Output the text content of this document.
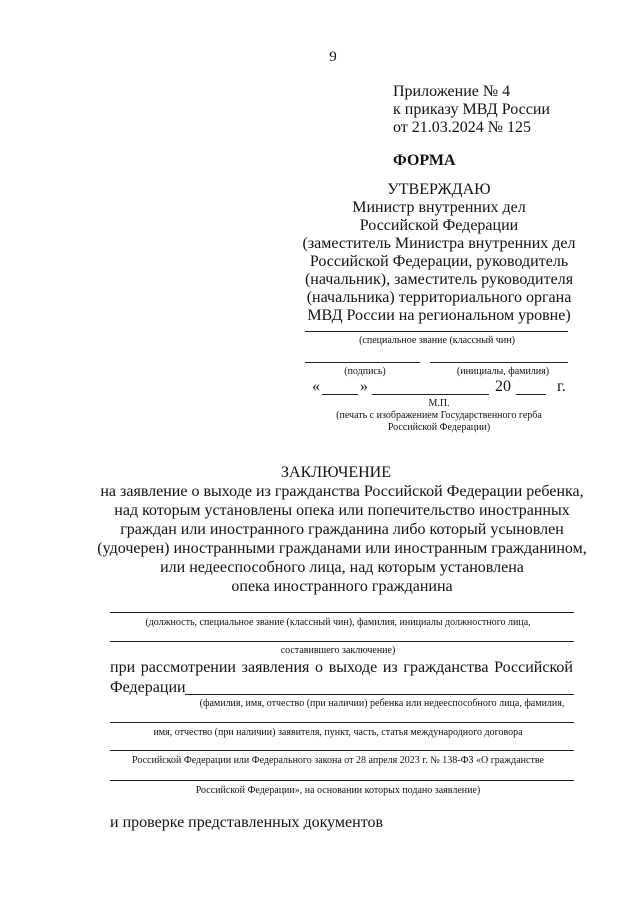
9
Приложение № 4
к приказу МВД России
от 21.03.2024 № 125
ФОРМА
УТВЕРЖДАЮ
Министр внутренних дел
Российской Федерации
(заместитель Министра внутренних дел
Российской Федерации, руководитель
(начальник), заместитель руководителя
(начальника) территориального органа
МВД России на региональном уровне)
(специальное звание (классный чин)
(подпись)	(инициалы, фамилия)
«	»	20	г.
М.П.
(печать с изображением Государственного герба
Российской Федерации)
ЗАКЛЮЧЕНИЕ
на заявление о выходе из гражданства Российской Федерации ребенка,
над которым установлены опека или попечительство иностранных
граждан или иностранного гражданина либо который усыновлен
(удочерен) иностранными гражданами или иностранным гражданином,
или недееспособного лица, над которым установлена
опека иностранного гражданина
(должность, специальное звание (классный чин), фамилия, инициалы должностного лица,
составившего заключение)
при рассмотрении заявления о выходе из гражданства Российской
Федерации
(фамилия, имя, отчество (при наличии) ребенка или недееспособного лица, фамилия,
имя, отчество (при наличии) заявителя, пункт, часть, статья международного договора
Российской Федерации или Федерального закона от 28 апреля 2023 г. № 138-ФЗ «О гражданстве
Российской Федерации», на основании которых подано заявление)
и проверке представленных документов
